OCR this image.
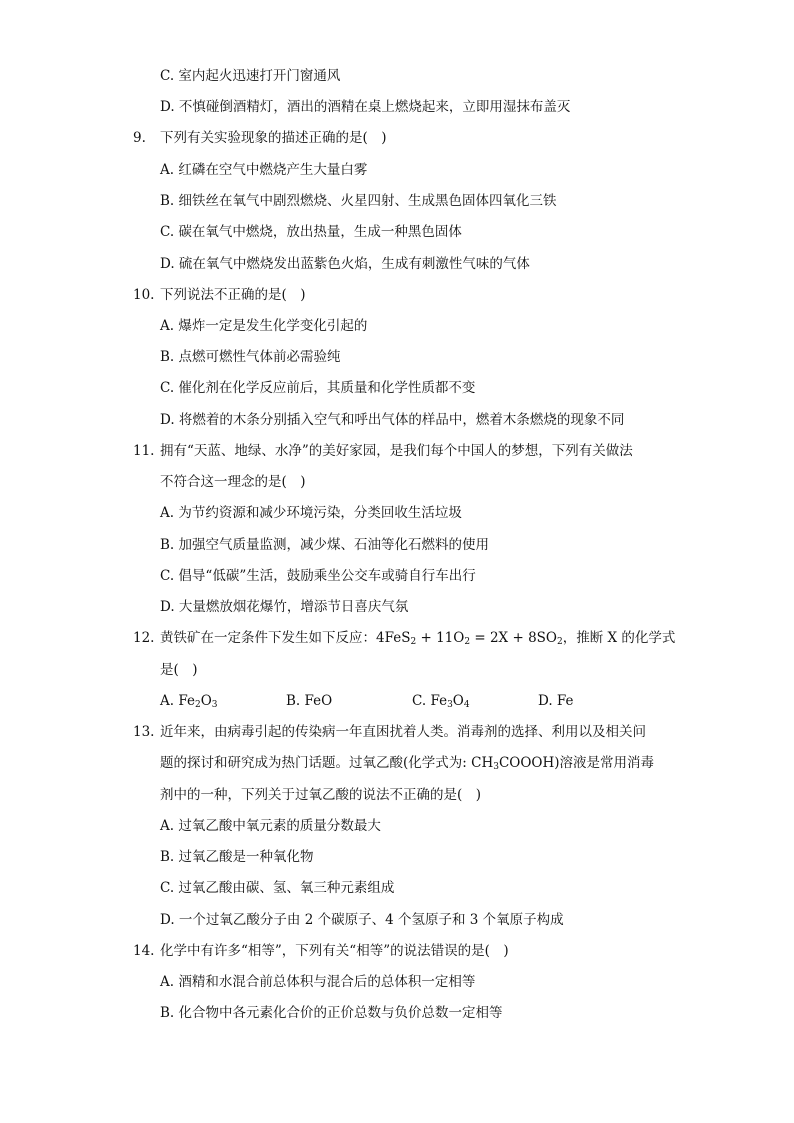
C. 室内起火迅速打开门窗通风
D. 不慎碰倒酒精灯，酒出的酒精在桌上燃烧起来，立即用湿抹布盖灭
9. 下列有关实验现象的描述正确的是(　)
A. 红磷在空气中燃烧产生大量白雾
B. 细铁丝在氧气中剧烈燃烧、火星四射、生成黑色固体四氧化三铁
C. 碳在氧气中燃烧，放出热量，生成一种黑色固体
D. 硫在氧气中燃烧发出蓝紫色火焰，生成有刺激性气味的气体
10. 下列说法不正确的是(　)
A. 爆炸一定是发生化学变化引起的
B. 点燃可燃性气体前必需验纯
C. 催化剂在化学反应前后，其质量和化学性质都不变
D. 将燃着的木条分别插入空气和呼出气体的样品中，燃着木条燃烧的现象不同
11. 拥有“天蓝、地绿、水净”的美好家园，是我们每个中国人的梦想，下列有关做法
不符合这一理念的是(　)
A. 为节约资源和减少环境污染，分类回收生活垃圾
B. 加强空气质量监测，减少煤、石油等化石燃料的使用
C. 倡导“低碳”生活，鼓励乘坐公交车或骑自行车出行
D. 大量燃放烟花爆竹，增添节日喜庆气氛
12. 黄铁矿在一定条件下发生如下反应：$4FeS_2 + 11O_2 = 2X + 8SO_2$，推断 X 的化学式
是(　)
A. $Fe_2O_3$	B. FeO	C. $Fe_3O_4$	D. Fe
13. 近年来，由病毒引起的传染病一年直困扰着人类。消毒剂的选择、利用以及相关问
题的探讨和研究成为热门话题。过氧乙酸(化学式为: $CH_3COOOH$)溶液是常用消毒
剂中的一种，下列关于过氧乙酸的说法不正确的是(　)
A. 过氧乙酸中氧元素的质量分数最大
B. 过氧乙酸是一种氧化物
C. 过氧乙酸由碳、氢、氧三种元素组成
D. 一个过氧乙酸分子由 2 个碳原子、4 个氢原子和 3 个氧原子构成
14. 化学中有许多“相等”，下列有关“相等”的说法错误的是(　)
A. 酒精和水混合前总体积与混合后的总体积一定相等
B. 化合物中各元素化合价的正价总数与负价总数一定相等
